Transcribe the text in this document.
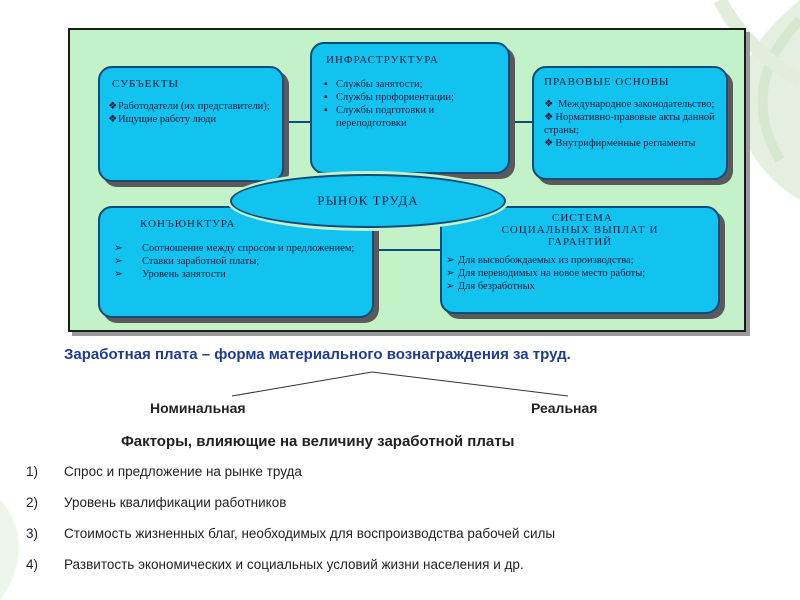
СУБЪЕКТЫ
❖ Работодатели (их представители);
❖ Ищущие работу люди
ИНФРАСТРУКТУРА
▪ Службы занятости;
▪ Службы профориентации;
▪ Службы подготовки и переподготовки
ПРАВОВЫЕ ОСНОВЫ
❖ Международное законодательство;
❖ Нормативно-правовые акты данной страны;
❖ Внутрифирменные регламенты
КОНЪЮНКТУРА
➢ Соотношение между спросом и предложением;
➢ Ставки заработной платы;
➢ Уровень занятости
СИСТЕМА
СОЦИАЛЬНЫХ ВЫПЛАТ И
ГАРАНТИЙ
➢ Для высвобождаемых из производства;
➢ Для переводимых на новое место работы;
➢ Для безработных
РЫНОК ТРУДА
Заработная плата – форма материального вознаграждения за труд.
Номинальная	Реальная
Факторы, влияющие на величину заработной платы
1) Спрос и предложение на рынке труда
2) Уровень квалификации работников
3) Стоимость жизненных благ, необходимых для воспроизводства рабочей силы
4) Развитость экономических и социальных условий жизни населения и др.
